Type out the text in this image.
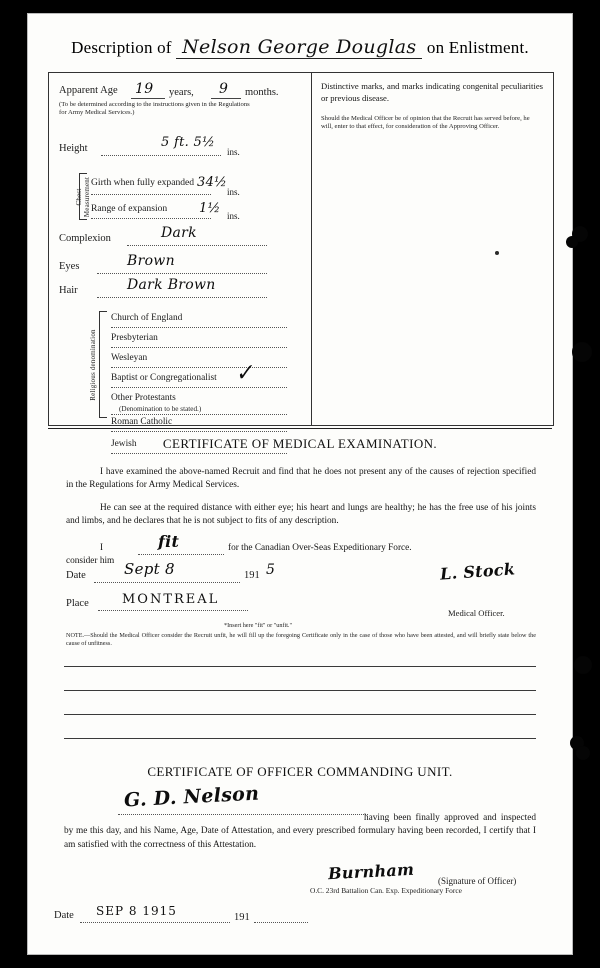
Description of Nelson George Douglas on Enlistment.
Apparent Age 19 years, 9 months.
(To be determined according to the instructions given in the Regulations for Army Medical Services.)
Height	5 ft. 5½
ins.
Chest Measurement Girth when fully expanded 34½
ins.
Range of expansion 1½ ins.
Complexion	Dark
Eyes	Brown
Hair	Dark Brown
Religious denomination
Church of England
Presbyterian
Wesleyan
Baptist or Congregationalist ✓
Other Protestants
(Denomination to be stated.)
Roman Catholic
Jewish
Distinctive marks, and marks indicating congenital peculiarities or previous disease.
Should the Medical Officer be of opinion that the Recruit has served before, he will, enter to that effect, for consideration of the Approving Officer.
CERTIFICATE OF MEDICAL EXAMINATION.
I have examined the above-named Recruit and find that he does not present any of the causes of rejection specified in the Regulations for Army Medical Services.
He can see at the required distance with either eye; his heart and lungs are healthy; he has the free use of his joints and limbs, and he declares that he is not subject to fits of any description.
I consider him
fit	for the Canadian Over-Seas Expeditionary Force.
Date	Sept 8	191 5	L. Stock
Place	MONTREAL
Medical Officer.
*Insert here "fit" or "unfit."
NOTE.—Should the Medical Officer consider the Recruit unfit, he will fill up the foregoing Certificate only in the case of those who have been attested, and will briefly state below the cause of unfitness.
CERTIFICATE OF OFFICER COMMANDING UNIT.
G. D. Nelson
having been finally approved and inspected by me this day, and his Name, Age, Date of Attestation, and every prescribed formulary having been recorded, I certify that I am satisfied with the correctness of this Attestation.
Burnham	(Signature of Officer)
O.C. 23rd Battalion Can. Exp. Expeditionary Force
Date SEP 8 1915	191
